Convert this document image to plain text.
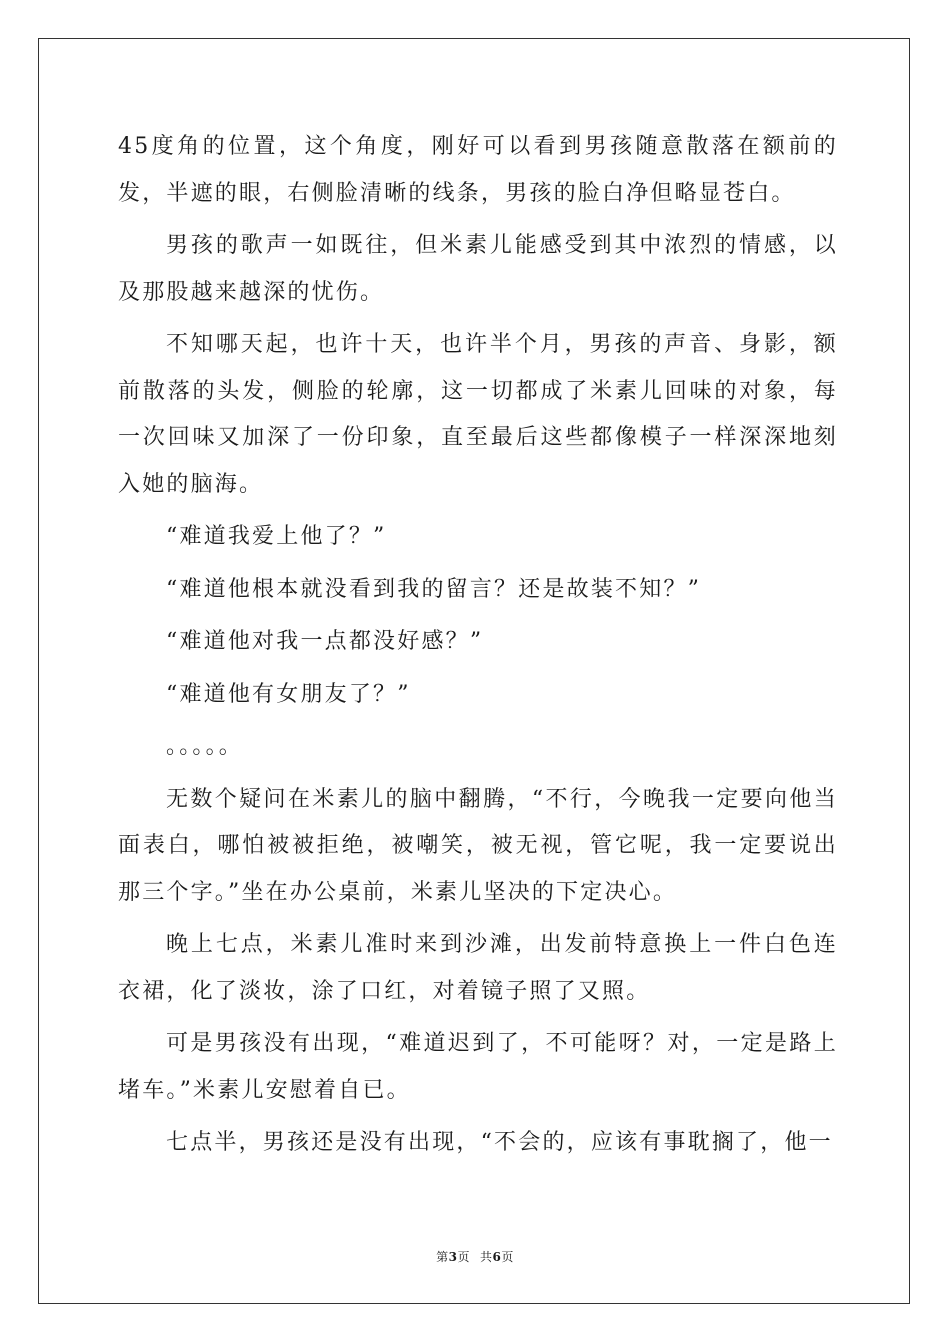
45度角的位置，这个角度，刚好可以看到男孩随意散落在额前的发，半遮的眼，右侧脸清晰的线条，男孩的脸白净但略显苍白。

男孩的歌声一如既往，但米素儿能感受到其中浓烈的情感，以及那股越来越深的忧伤。

不知哪天起，也许十天，也许半个月，男孩的声音、身影，额前散落的头发，侧脸的轮廓，这一切都成了米素儿回味的对象，每一次回味又加深了一份印象，直至最后这些都像模子一样深深地刻入她的脑海。

“难道我爱上他了？”

“难道他根本就没看到我的留言？还是故装不知？”

“难道他对我一点都没好感？”

“难道他有女朋友了？”

。。。。。

无数个疑问在米素儿的脑中翻腾，“不行，今晚我一定要向他当面表白，哪怕被被拒绝，被嘲笑，被无视，管它呢，我一定要说出那三个字。”坐在办公桌前，米素儿坚决的下定决心。

晚上七点，米素儿准时来到沙滩，出发前特意换上一件白色连衣裙，化了淡妆，涂了口红，对着镜子照了又照。

可是男孩没有出现，“难道迟到了，不可能呀？对，一定是路上堵车。”米素儿安慰着自已。

七点半，男孩还是没有出现，“不会的，应该有事耽搁了，他一

第3页 共6页
